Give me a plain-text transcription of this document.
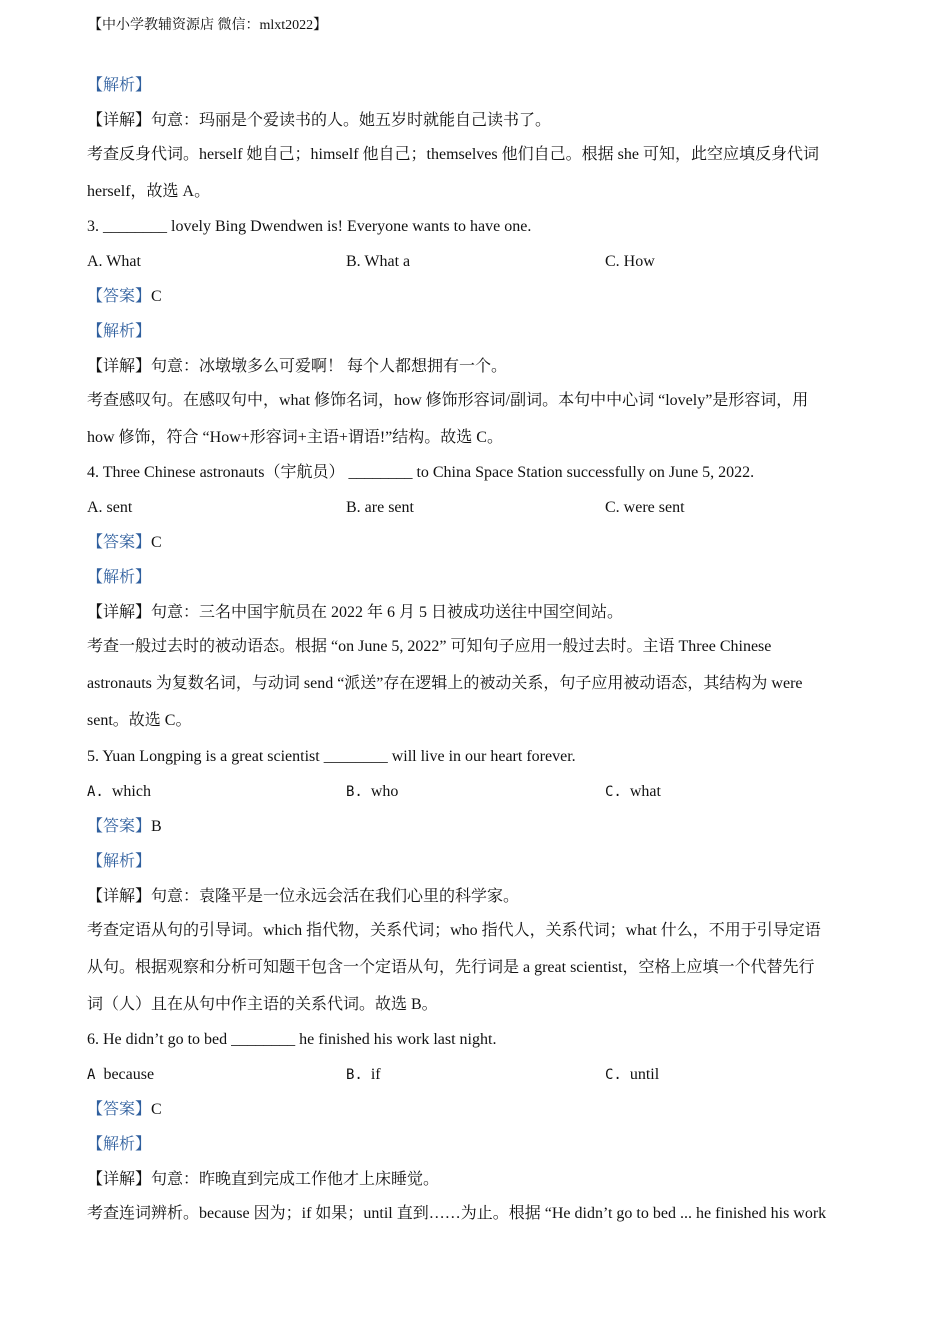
【中小学教辅资源店 微信：mlxt2022】
【解析】
【详解】句意：玛丽是个爱读书的人。她五岁时就能自己读书了。
考查反身代词。herself 她自己；himself 他自己；themselves 他们自己。根据 she 可知，此空应填反身代词
herself，故选 A。
3. ________ lovely Bing Dwendwen is! Everyone wants to have one.
A. What	B. What a	C. How
【答案】C
【解析】
【详解】句意：冰墩墩多么可爱啊！ 每个人都想拥有一个。
考查感叹句。在感叹句中，what 修饰名词，how 修饰形容词/副词。本句中中心词 “lovely”是形容词，用
how 修饰，符合 “How+形容词+主语+谓语!”结构。故选 C。
4. Three Chinese astronauts（宇航员） ________ to China Space Station successfully on June 5, 2022.
A. sent	B. are sent	C. were sent
【答案】C
【解析】
【详解】句意：三名中国宇航员在 2022 年 6 月 5 日被成功送往中国空间站。
考查一般过去时的被动语态。根据 “on June 5, 2022” 可知句子应用一般过去时。主语 Three Chinese
astronauts 为复数名词，与动词 send “派送”存在逻辑上的被动关系，句子应用被动语态，其结构为 were
sent。故选 C。
5. Yuan Longping is a great scientist ________ will live in our heart forever.
A. which	B. who	C. what
【答案】B
【解析】
【详解】句意：袁隆平是一位永远会活在我们心里的科学家。
考查定语从句的引导词。which 指代物，关系代词；who 指代人，关系代词；what 什么，不用于引导定语
从句。根据观察和分析可知题干包含一个定语从句，先行词是 a great scientist，空格上应填一个代替先行
词（人）且在从句中作主语的关系代词。故选 B。
6. He didn’t go to bed ________ he finished his work last night.
A because	B. if	C. until
【答案】C
【解析】
【详解】句意：昨晚直到完成工作他才上床睡觉。
考查连词辨析。because 因为；if 如果；until 直到……为止。根据 “He didn’t go to bed ... he finished his work
